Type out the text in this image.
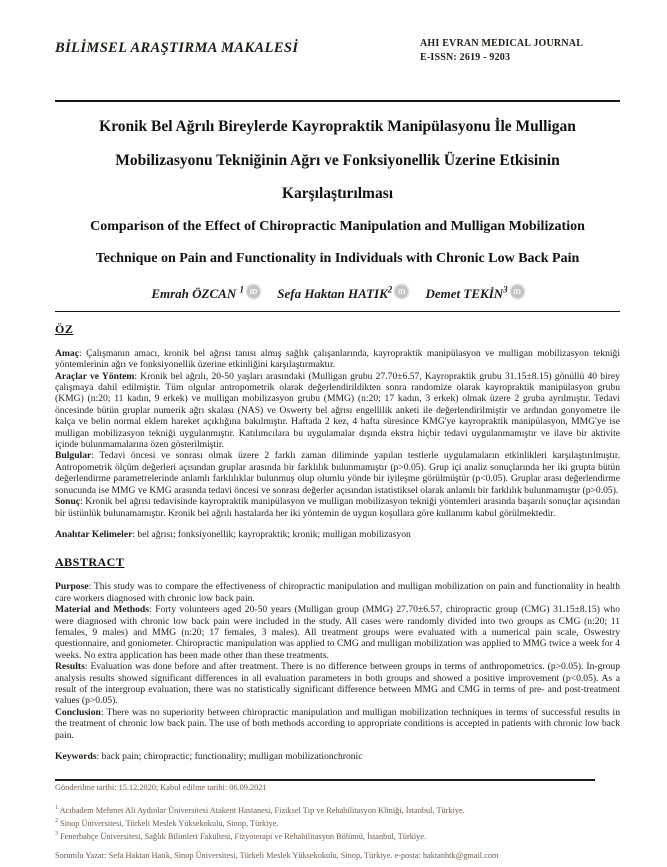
BİLİMSEL ARAŞTIRMA MAKALESİ	AHI EVRAN MEDICAL JOURNAL
E-ISSN: 2619 - 9203
Kronik Bel Ağrılı Bireylerde Kayropraktik Manipülasyonu İle Mulligan
Mobilizasyonu Tekniğinin Ağrı ve Fonksiyonellik Üzerine Etkisinin
Karşılaştırılması
Comparison of the Effect of Chiropractic Manipulation and Mulligan Mobilization
Technique on Pain and Functionality in Individuals with Chronic Low Back Pain
Emrah ÖZCAN $^1$ iD Sefa Haktan HATIK$^2$ iD Demet TEKİN$^3$ iD
ÖZ

Amaç: Çalışmanın amacı, kronik bel ağrısı tanısı almış sağlık çalışanlarında, kayropraktik manipülasyon ve mulligan mobilizasyon tekniği yöntemlerinin ağrı ve fonksiyonellik üzerine etkinliğini karşılaştırmaktır.

Araçlar ve Yöntem: Kronik bel ağrılı, 20-50 yaşları arasındaki (Mulligan grubu 27.70±6.57, Kayropraktik grubu 31.15±8.15) gönüllü 40 birey çalışmaya dahil edilmiştir. Tüm olgular antropometrik olarak değerlendirildikten sonra randomize olarak kayropraktik manipülasyon grubu (KMG) (n:20; 11 kadın, 9 erkek) ve mulligan mobilizasyon grubu (MMG) (n:20; 17 kadın, 3 erkek) olmak üzere 2 gruba ayrılmıştır. Tedavi öncesinde bütün gruplar numerik ağrı skalası (NAS) ve Oswerty bel ağrısı engellilik anketi ile değerlendirilmiştir ve ardından gonyometre ile kalça ve belin normal eklem hareket açıklığına bakılmıştır. Haftada 2 kez, 4 hafta süresince KMG'ye kayropraktik manipülasyon, MMG'ye ise mulligan mobilizasyon tekniği uygulanmıştır. Katılımcılara bu uygulamalar dışında ekstra hiçbir tedavi uygulanmamıştır ve ilave bir aktivite içinde bulunmamalarına özen gösterilmiştir.

Bulgular: Tedavi öncesi ve sonrası olmak üzere 2 farklı zaman diliminde yapılan testlerle uygulamaların etkinlikleri karşılaştırılmıştır. Antropometrik ölçüm değerleri açısından gruplar arasında bir farklılık bulunmamıştır (p>0.05). Grup içi analiz sonuçlarında her iki grupta bütün değerlendirme parametrelerinde anlamlı farklılıklar bulunmuş olup olumlu yönde bir iyileşme görülmüştür (p<0.05). Gruplar arası değerlendirme sonucunda ise MMG ve KMG arasında tedavi öncesi ve sonrası değerler açısından istatistiksel olarak anlamlı bir farklılık bulunmamıştır (p>0.05).

Sonuç: Kronik bel ağrısı tedavisinde kayropraktik manipülasyon ve mulligan mobilizasyon tekniği yöntemleri arasında başarılı sonuçlar açısından bir üstünlük bulunamamıştır. Kronik bel ağrılı hastalarda her iki yöntemin de uygun koşullara göre kullanımı kabul görülmektedir.

Anahtar Kelimeler: bel ağrısı; fonksiyonellik; kayropraktik; kronik; mulligan mobilizasyon

ABSTRACT

Purpose: This study was to compare the effectiveness of chiropractic manipulation and mulligan mobilization on pain and functionality in health care workers diagnosed with chronic low back pain.

Material and Methods: Forty volunteers aged 20-50 years (Mulligan group (MMG) 27.70±6.57, chiropractic group (CMG) 31.15±8.15) who were diagnosed with chronic low back pain were included in the study. All cases were randomly divided into two groups as CMG (n:20; 11 females, 9 males) and MMG (n:20; 17 females, 3 males). All treatment groups were evaluated with a numerical pain scale, Oswestry questionnaire, and goniometer. Chiropractic manipulation was applied to CMG and mulligan mobilization was applied to MMG twice a week for 4 weeks. No extra application has been made other than these treatments.

Results: Evaluation was done before and after treatment. There is no difference between groups in terms of anthropometrics. (p>0.05). In-group analysis results showed significant differences in all evaluation parameters in both groups and showed a positive improvement (p<0.05). As a result of the intergroup evaluation, there was no statistically significant difference between MMG and CMG in terms of pre- and post-treatment values (p>0.05).

Conclusion: There was no superiority between chiropractic manipulation and mulligan mobilization techniques in terms of successful results in the treatment of chronic low back pain. The use of both methods according to appropriate conditions is accepted in patients with chronic low back pain.

Keywords: back pain; chiropractic; functionality; mulligan mobilizationchronic

Gönderilme tarihi: 15.12.2020; Kabul edilme tarihi: 06.09.2021

$^1$ Acıbadem Mehmet Ali Aydınlar Üniversitesi Atakent Hastanesi, Fiziksel Tıp ve Rehabilitasyon Kliniği, İstanbul, Türkiye.

$^2$ Sinop Üniversitesi, Türkeli Meslek Yüksekokulu, Sinop, Türkiye.

$^3$ Fenerbahçe Üniversitesi, Sağlık Bilimleri Fakültesi, Fizyoterapi ve Rehabilitasyon Bölümü, İstanbul, Türkiye.

Sorumlu Yazar: Sefa Haktan Hatık, Sinop Üniversitesi, Türkeli Meslek Yüksekokulu, Sinop, Türkiye. e-posta: haktanhtk@gmail.com
